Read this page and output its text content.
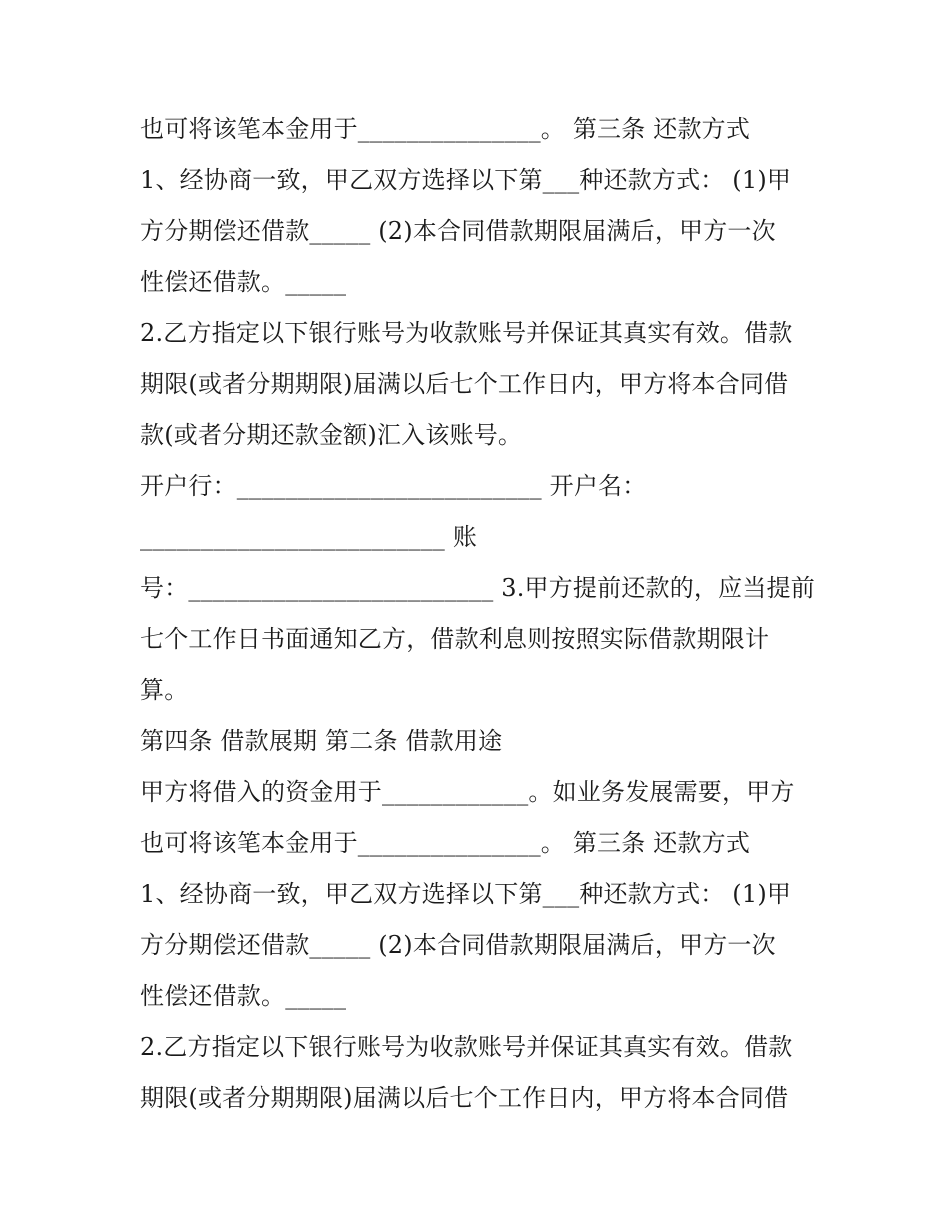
也可将该笔本金用于_______________。 第三条 还款方式
1、经协商一致，甲乙双方选择以下第___种还款方式： (1)甲
方分期偿还借款_____ (2)本合同借款期限届满后，甲方一次
性偿还借款。_____
2.乙方指定以下银行账号为收款账号并保证其真实有效。借款
期限(或者分期期限)届满以后七个工作日内，甲方将本合同借
款(或者分期还款金额)汇入该账号。
开户行：_________________________ 开户名：
_________________________ 账
号：_________________________ 3.甲方提前还款的，应当提前
七个工作日书面通知乙方，借款利息则按照实际借款期限计
算。
第四条 借款展期 第二条 借款用途
甲方将借入的资金用于____________。如业务发展需要，甲方
也可将该笔本金用于_______________。 第三条 还款方式
1、经协商一致，甲乙双方选择以下第___种还款方式： (1)甲
方分期偿还借款_____ (2)本合同借款期限届满后，甲方一次
性偿还借款。_____
2.乙方指定以下银行账号为收款账号并保证其真实有效。借款
期限(或者分期期限)届满以后七个工作日内，甲方将本合同借
